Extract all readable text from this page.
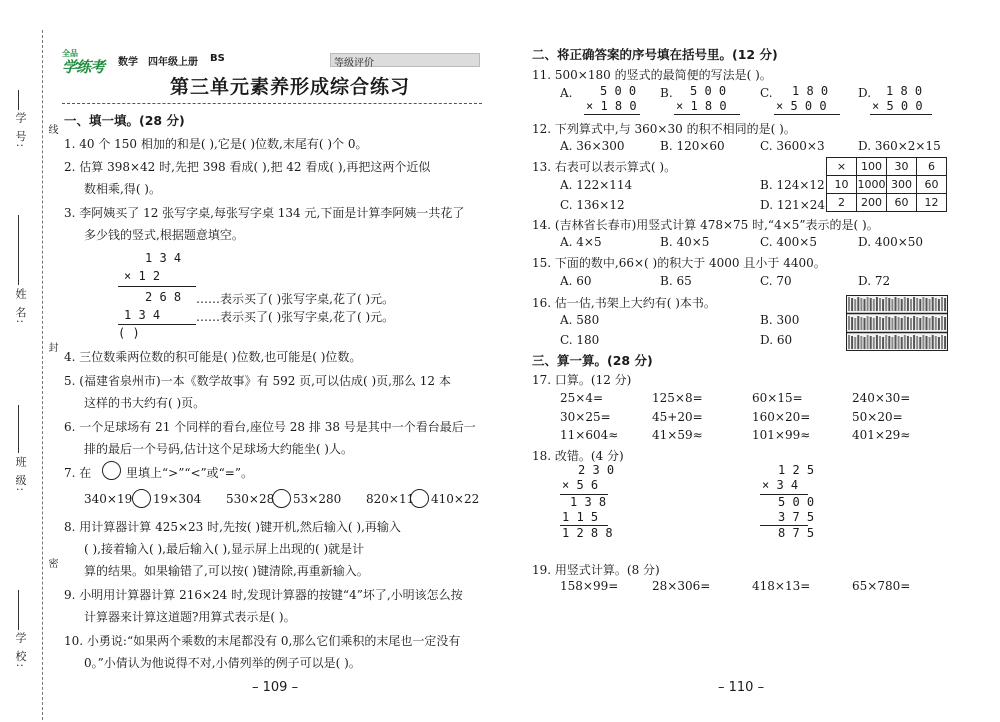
学 号: 线
姓 名:
封
班 级:
密
学 校:
全品
学练考 数学 四年级上册 BS	等级评价
第三单元素养形成综合练习
一、填一填。(28 分)
1. 40 个 150 相加的和是( ),它是( )位数,末尾有( )个 0。
2. 估算 398×42 时,先把 398 看成( ),把 42 看成( ),再把这两个近似
数相乘,得( )。
3. 李阿姨买了 12 张写字桌,每张写字桌 134 元,下面是计算李阿姨一共花了
多少钱的竖式,根据题意填空。
1 3 4
× 1 2
2 6 8 ……表示买了( )张写字桌,花了( )元。
1 3 4	……表示买了( )张写字桌,花了( )元。
( )
4. 三位数乘两位数的积可能是( )位数,也可能是( )位数。
5. (福建省泉州市)一本《数学故事》有 592 页,可以估成( )页,那么 12 本
这样的书大约有( )页。
6. 一个足球场有 21 个同样的看台,座位号 28 排 38 号是其中一个看台最后一
排的最后一个号码,估计这个足球场大约能坐( )人。
7. 在	里填上“>”“<”或“=”。
340×19 19×304 530×28 53×280 820×11 410×22
8. 用计算器计算 425×23 时,先按( )键开机,然后输入( ),再输入
( ),接着输入( ),最后输入( ),显示屏上出现的( )就是计
算的结果。如果输错了,可以按( )键清除,再重新输入。
9. 小明用计算器计算 216×24 时,发现计算器的按键“4”坏了,小明该怎么按
计算器来计算这道题?用算式表示是( )。
10. 小勇说:“如果两个乘数的末尾都没有 0,那么它们乘积的末尾也一定没有
0。”小倩认为他说得不对,小倩列举的例子可以是( )。
– 109 –
二、将正确答案的序号填在括号里。(12 分)
11. 500×180 的竖式的最简便的写法是( )。
A. 5 0 0
× 1 8 0
B. 5 0 0
× 1 8 0
C. 1 8 0
× 5 0 0
D. 1 8 0
× 5 0 0
12. 下列算式中,与 360×30 的积不相同的是( )。
A. 36×300	B. 120×60	C. 3600×3	D. 360×2×15
13. 右表可以表示算式( )。
A. 122×114	B. 124×12
C. 136×12	D. 121×24
×	100	30	6
10	1000	300	60
2	200	60	12
14. (吉林省长春市)用竖式计算 478×75 时,“4×5”表示的是( )。
A. 4×5	B. 40×5	C. 400×5	D. 400×50
15. 下面的数中,66×( )的积大于 4000 且小于 4400。
A. 60	B. 65	C. 70	D. 72
16. 估一估,书架上大约有( )本书。
A. 580	B. 300
C. 180	D. 60
三、算一算。(28 分)
17. 口算。(12 分)
25×4=	125×8=	60×15=	240×30=
30×25=	45+20=	160×20=	50×20=
11×604≈	41×59≈	101×99≈	401×29≈
18. 改错。(4 分)
2 3 0
× 5 6
1 3 8
1 1 5
1 2 8 8
1 2 5
× 3 4
5 0 0
3 7 5
8 7 5
19. 用竖式计算。(8 分)
158×99=	28×306=	418×13=	65×780=
– 110 –
